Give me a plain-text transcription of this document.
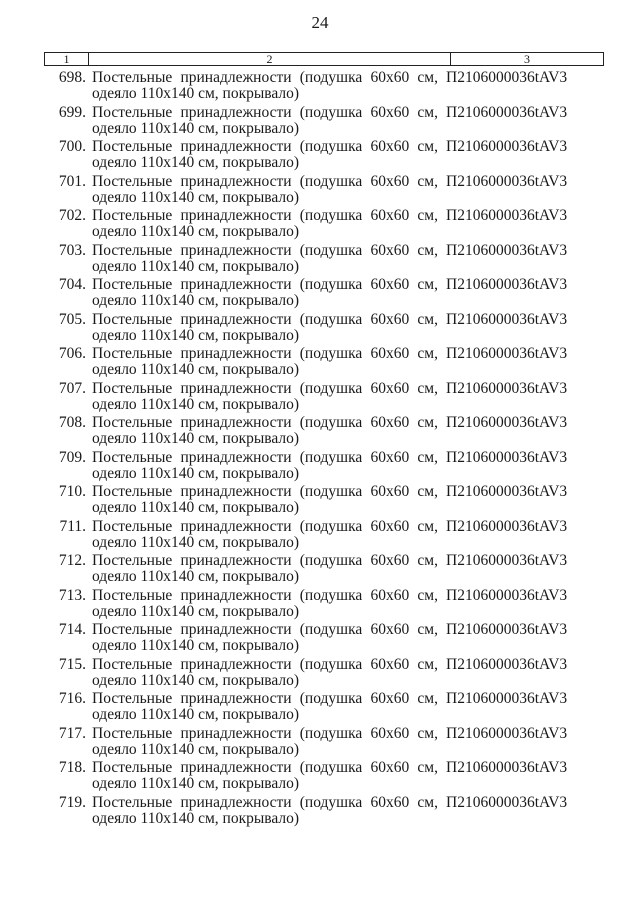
24
1	2	3
698. Постельные принадлежности (подушка 60х60 см,
одеяло 110х140 см, покрывало)
П2106000036tAV3
699. Постельные принадлежности (подушка 60х60 см,
одеяло 110х140 см, покрывало)
П2106000036tAV3
700. Постельные принадлежности (подушка 60х60 см,
одеяло 110х140 см, покрывало)
П2106000036tAV3
701. Постельные принадлежности (подушка 60х60 см,
одеяло 110х140 см, покрывало)
П2106000036tAV3
702. Постельные принадлежности (подушка 60х60 см,
одеяло 110х140 см, покрывало)
П2106000036tAV3
703. Постельные принадлежности (подушка 60х60 см,
одеяло 110х140 см, покрывало)
П2106000036tAV3
704. Постельные принадлежности (подушка 60х60 см,
одеяло 110х140 см, покрывало)
П2106000036tAV3
705. Постельные принадлежности (подушка 60х60 см,
одеяло 110х140 см, покрывало)
П2106000036tAV3
706. Постельные принадлежности (подушка 60х60 см,
одеяло 110х140 см, покрывало)
П2106000036tAV3
707. Постельные принадлежности (подушка 60х60 см,
одеяло 110х140 см, покрывало)
П2106000036tAV3
708. Постельные принадлежности (подушка 60х60 см,
одеяло 110х140 см, покрывало)
П2106000036tAV3
709. Постельные принадлежности (подушка 60х60 см,
одеяло 110х140 см, покрывало)
П2106000036tAV3
710. Постельные принадлежности (подушка 60х60 см,
одеяло 110х140 см, покрывало)
П2106000036tAV3
711. Постельные принадлежности (подушка 60х60 см,
одеяло 110х140 см, покрывало)
П2106000036tAV3
712. Постельные принадлежности (подушка 60х60 см,
одеяло 110х140 см, покрывало)
П2106000036tAV3
713. Постельные принадлежности (подушка 60х60 см,
одеяло 110х140 см, покрывало)
П2106000036tAV3
714. Постельные принадлежности (подушка 60х60 см,
одеяло 110х140 см, покрывало)
П2106000036tAV3
715. Постельные принадлежности (подушка 60х60 см,
одеяло 110х140 см, покрывало)
П2106000036tAV3
716. Постельные принадлежности (подушка 60х60 см,
одеяло 110х140 см, покрывало)
П2106000036tAV3
717. Постельные принадлежности (подушка 60х60 см,
одеяло 110х140 см, покрывало)
П2106000036tAV3
718. Постельные принадлежности (подушка 60х60 см,
одеяло 110х140 см, покрывало)
П2106000036tAV3
719. Постельные принадлежности (подушка 60х60 см,
одеяло 110х140 см, покрывало)
П2106000036tAV3
